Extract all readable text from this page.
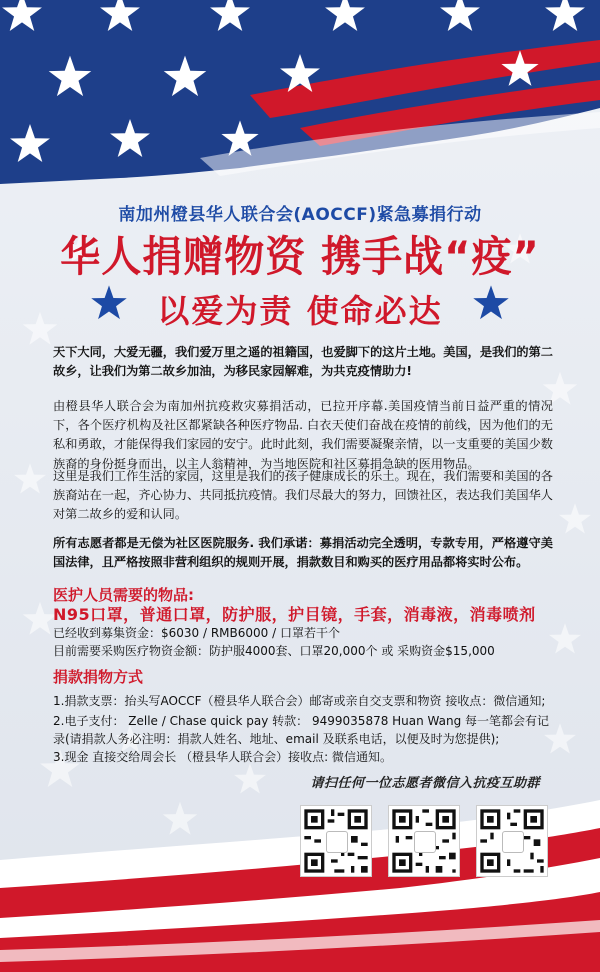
南加州橙县华人联合会(AOCCF)紧急募捐行动
华人捐赠物资 携手战“疫”
以爱为责 使命必达
天下大同，大爱无疆，我们爱万里之遥的祖籍国，也爱脚下的这片土地。美国，是我们的第二故乡，让我们为第二故乡加油，为移民家园解难，为共克疫情助力!
由橙县华人联合会为南加州抗疫救灾募捐活动，已拉开序幕.美国疫情当前日益严重的情况下，各个医疗机构及社区都紧缺各种医疗物品. 白衣天使们奋战在疫情的前线，因为他们的无私和勇敢，才能保得我们家园的安宁。此时此刻，我们需要凝聚亲情，以一支重要的美国少数族裔的身份挺身而出，以主人翁精神，为当地医院和社区募捐急缺的医用物品。
这里是我们工作生活的家园，这里是我们的孩子健康成长的乐土。现在，我们需要和美国的各族裔站在一起，齐心协力、共同抵抗疫情。我们尽最大的努力，回馈社区，表达我们美国华人对第二故乡的爱和认同。
所有志愿者都是无偿为社区医院服务. 我们承诺：募捐活动完全透明，专款专用，严格遵守美国法律，且严格按照非营利组织的规则开展，捐款数目和购买的医疗用品都将实时公布。
医护人员需要的物品:
N95口罩，普通口罩，防护服，护目镜，手套，消毒液，消毒喷剂
已经收到募集资金：$6030 / RMB6000 / 口罩若干个
目前需要采购医疗物资金额：防护服4000套、口罩20,000个 或 采购资金$15,000
捐款捐物方式
1.捐款支票：抬头写AOCCF（橙县华人联合会）邮寄或亲自交支票和物资 接收点：微信通知;
2.电子支付： Zelle / Chase quick pay 转款： 9499035878 Huan Wang 每一笔都会有记
录(请捐款人务必注明：捐款人姓名、地址、email 及联系电话，以便及时为您提供);
3.现金 直接交给周会长 （橙县华人联合会）接收点: 微信通知。
请扫任何一位志愿者微信入抗疫互助群
